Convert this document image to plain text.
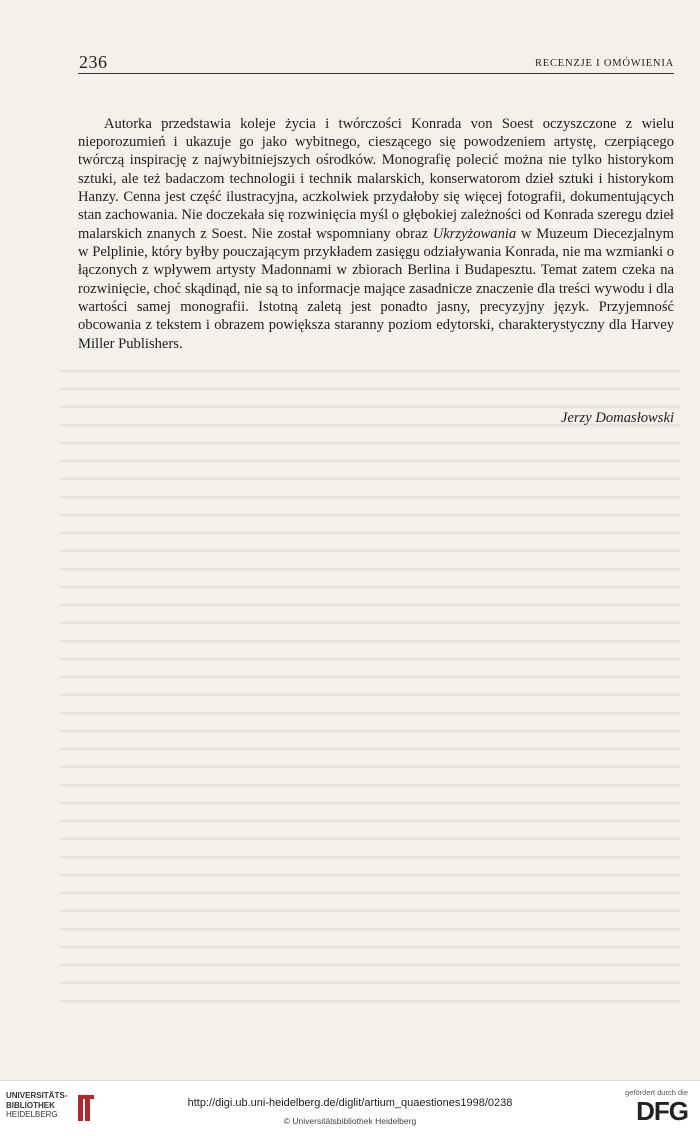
236	RECENZJE I OMÓWIENIA

Autorka przedstawia koleje życia i twórczości Konrada von Soest oczyszczone z wielu nieporozumień i ukazuje go jako wybitnego, cieszącego się powodzeniem artystę, czerpiącego twórczą inspirację z najwybitniejszych ośrodków. Monografię polecić można nie tylko historykom sztuki, ale też badaczom technologii i technik malarskich, konserwatorom dzieł sztuki i historykom Hanzy. Cenna jest część ilustracyjna, aczkolwiek przydałoby się więcej fotografii, dokumentujących stan zachowania. Nie doczekała się rozwinięcia myśl o głębokiej zależności od Konrada szeregu dzieł malarskich znanych z Soest. Nie został wspomniany obraz Ukrzyżowania w Muzeum Diecezjalnym w Pelplinie, który byłby pouczającym przykładem zasięgu odziaływania Konrada, nie ma wzmianki o łączonych z wpływem artysty Madonnami w zbiorach Berlina i Budapesztu. Temat zatem czeka na rozwinięcie, choć skądinąd, nie są to informacje mające zasadnicze znaczenie dla treści wywodu i dla wartości samej monografii. Istotną zaletą jest ponadto jasny, precyzyjny język. Przyjemność obcowania z tekstem i obrazem powiększa staranny poziom edytorski, charakterystyczny dla Harvey Miller Publishers.

Jerzy Domasłowski
UNIVERSITÄTS-
BIBLIOTHEK
HEIDELBERG
http://digi.ub.uni-heidelberg.de/diglit/artium_quaestiones1998/0238
© Universitätsbibliothek Heidelberg
gefördert durch die
DFG
